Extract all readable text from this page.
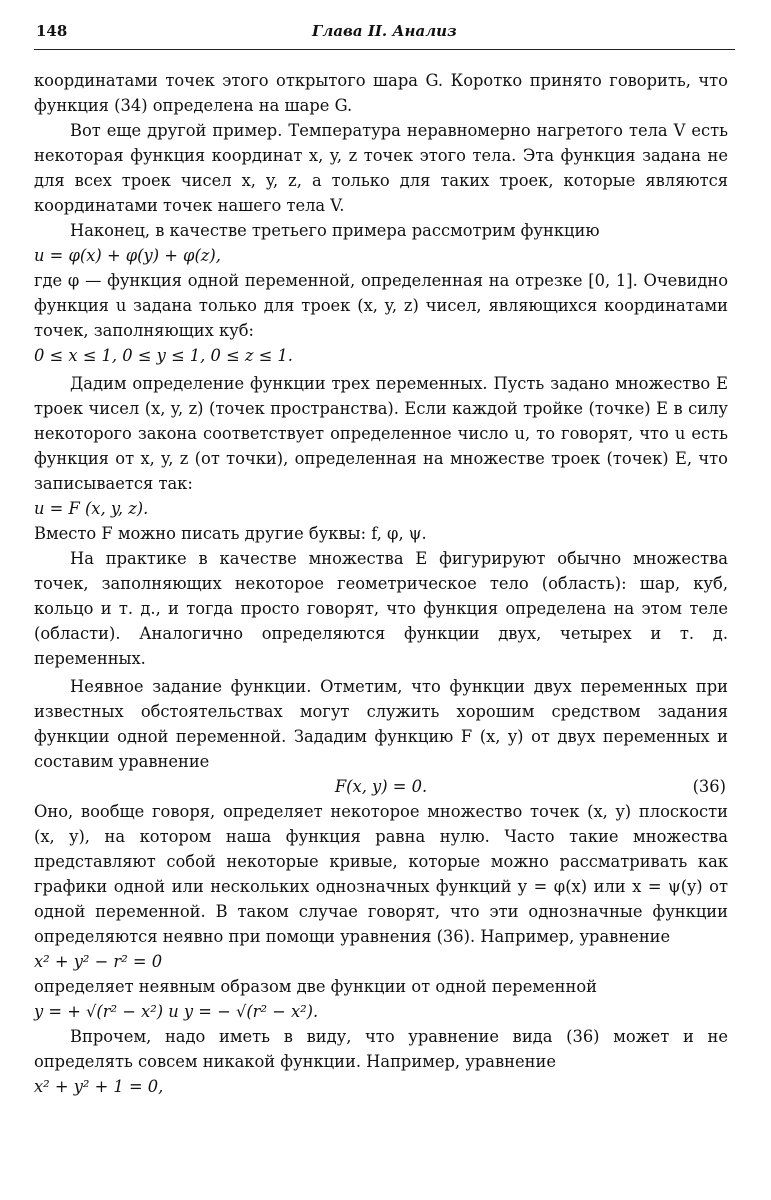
148	Глава II. Анализ

координатами точек этого открытого шара G. Коротко принято говорить, что функция (34) определена на шаре G.

Вот еще другой пример. Температура неравномерно нагретого тела V есть некоторая функция координат x, y, z точек этого тела. Эта функция задана не для всех троек чисел x, y, z, а только для таких троек, которые являются координатами точек нашего тела V.

Наконец, в качестве третьего примера рассмотрим функцию

u = φ(x) + φ(y) + φ(z),

где φ — функция одной переменной, определенная на отрезке [0, 1]. Очевидно функция u задана только для троек (x, y, z) чисел, являющихся координатами точек, заполняющих куб:

0 ≤ x ≤ 1, 0 ≤ y ≤ 1, 0 ≤ z ≤ 1.

Дадим определение функции трех переменных. Пусть задано множество E троек чисел (x, y, z) (точек пространства). Если каждой тройке (точке) E в силу некоторого закона соответствует определенное число u, то говорят, что u есть функция от x, y, z (от точки), определенная на множестве троек (точек) E, что записывается так:

u = F (x, y, z).

Вместо F можно писать другие буквы: f, φ, ψ.

На практике в качестве множества E фигурируют обычно множества точек, заполняющих некоторое геометрическое тело (область): шар, куб, кольцо и т. д., и тогда просто говорят, что функция определена на этом теле (области). Аналогично определяются функции двух, четырех и т. д. переменных.

Неявное задание функции. Отметим, что функции двух переменных при известных обстоятельствах могут служить хорошим средством задания функции одной переменной. Зададим функцию F (x, y) от двух переменных и составим уравнение

F(x, y) = 0.	(36)

Оно, вообще говоря, определяет некоторое множество точек (x, y) плоскости (x, y), на котором наша функция равна нулю. Часто такие множества представляют собой некоторые кривые, которые можно рассматривать как графики одной или нескольких однозначных функций y = φ(x) или x = ψ(y) от одной переменной. В таком случае говорят, что эти однозначные функции определяются неявно при помощи уравнения (36). Например, уравнение

x² + y² − r² = 0

определяет неявным образом две функции от одной переменной

y = + √(r² − x²) и y = − √(r² − x²).

Впрочем, надо иметь в виду, что уравнение вида (36) может и не определять совсем никакой функции. Например, уравнение

x² + y² + 1 = 0,
